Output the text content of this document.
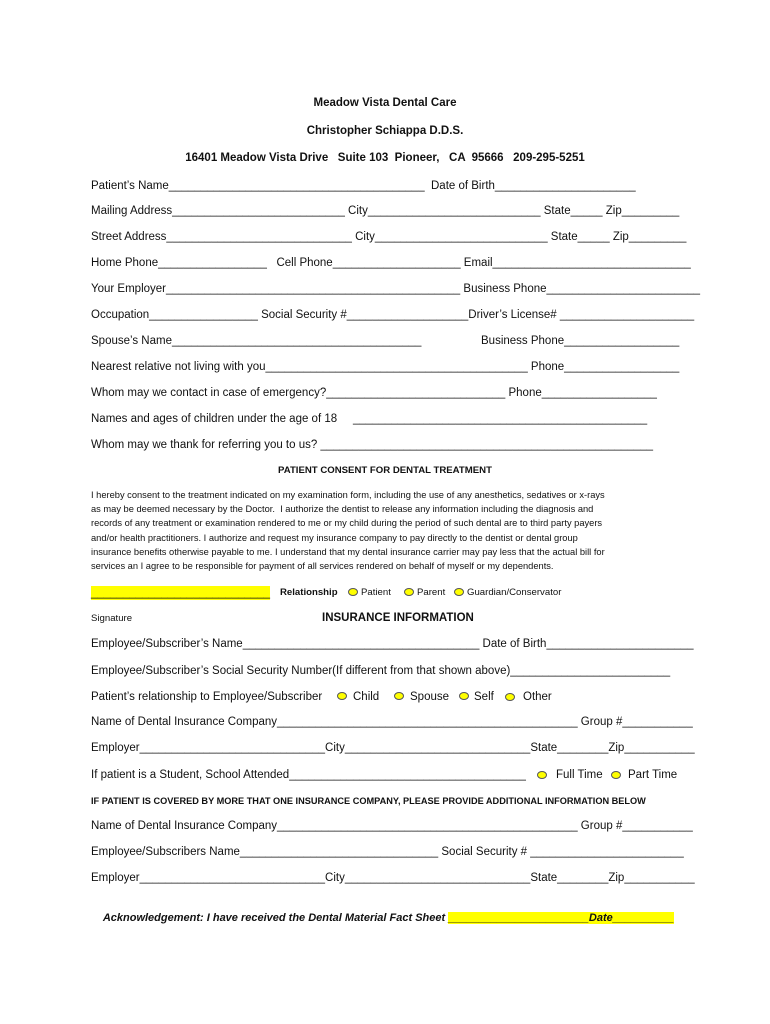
Meadow Vista Dental Care
Christopher Schiappa D.D.S.
16401 Meadow Vista Drive   Suite 103  Pioneer,   CA  95666   209-295-5251
Patient’s Name________________________________________  Date of Birth______________________
Mailing Address___________________________ City___________________________ State_____ Zip_________
Street Address_____________________________ City___________________________ State_____ Zip_________
Home Phone_________________   Cell Phone____________________ Email_______________________________
Your Employer______________________________________________ Business Phone________________________
Occupation_________________ Social Security #___________________Driver’s License# _____________________
Spouse’s Name_______________________________________	Business Phone__________________
Nearest relative not living with you_________________________________________ Phone__________________
Whom may we contact in case of emergency?____________________________ Phone__________________
Names and ages of children under the age of 18 ______________________________________________
Whom may we thank for referring you to us? ____________________________________________________
PATIENT CONSENT FOR DENTAL TREATMENT
I hereby consent to the treatment indicated on my examination form, including the use of any anesthetics, sedatives or x-rays
as may be deemed necessary by the Doctor.  I authorize the dentist to release any information including the diagnosis and
records of any treatment or examination rendered to me or my child during the period of such dental are to third party payers
and/or health practitioners. I authorize and request my insurance company to pay directly to the dentist or dental group
insurance benefits otherwise payable to me. I understand that my dental insurance carrier may pay less that the actual bill for
services an I agree to be responsible for payment of all services rendered on behalf of myself or my dependents.
____________________________ Relationship Patient	Parent Guardian/Conservator
Signature	INSURANCE INFORMATION
Employee/Subscriber’s Name_____________________________________ Date of Birth_______________________
Employee/Subscriber’s Social Security Number(If different from that shown above)_________________________
Patient’s relationship to Employee/Subscriber	Child	Spouse Self	Other
Name of Dental Insurance Company_______________________________________________ Group #___________
Employer_____________________________City_____________________________State________Zip___________
If patient is a Student, School Attended_____________________________________	Full Time Part Time
IF PATIENT IS COVERED BY MORE THAT ONE INSURANCE COMPANY, PLEASE PROVIDE ADDITIONAL INFORMATION BELOW
Name of Dental Insurance Company_______________________________________________ Group #___________
Employee/Subscribers Name_______________________________ Social Security # ________________________
Employer_____________________________City_____________________________State________Zip___________

Acknowledgement: I have received the Dental Material Fact Sheet _______________________Date__________
